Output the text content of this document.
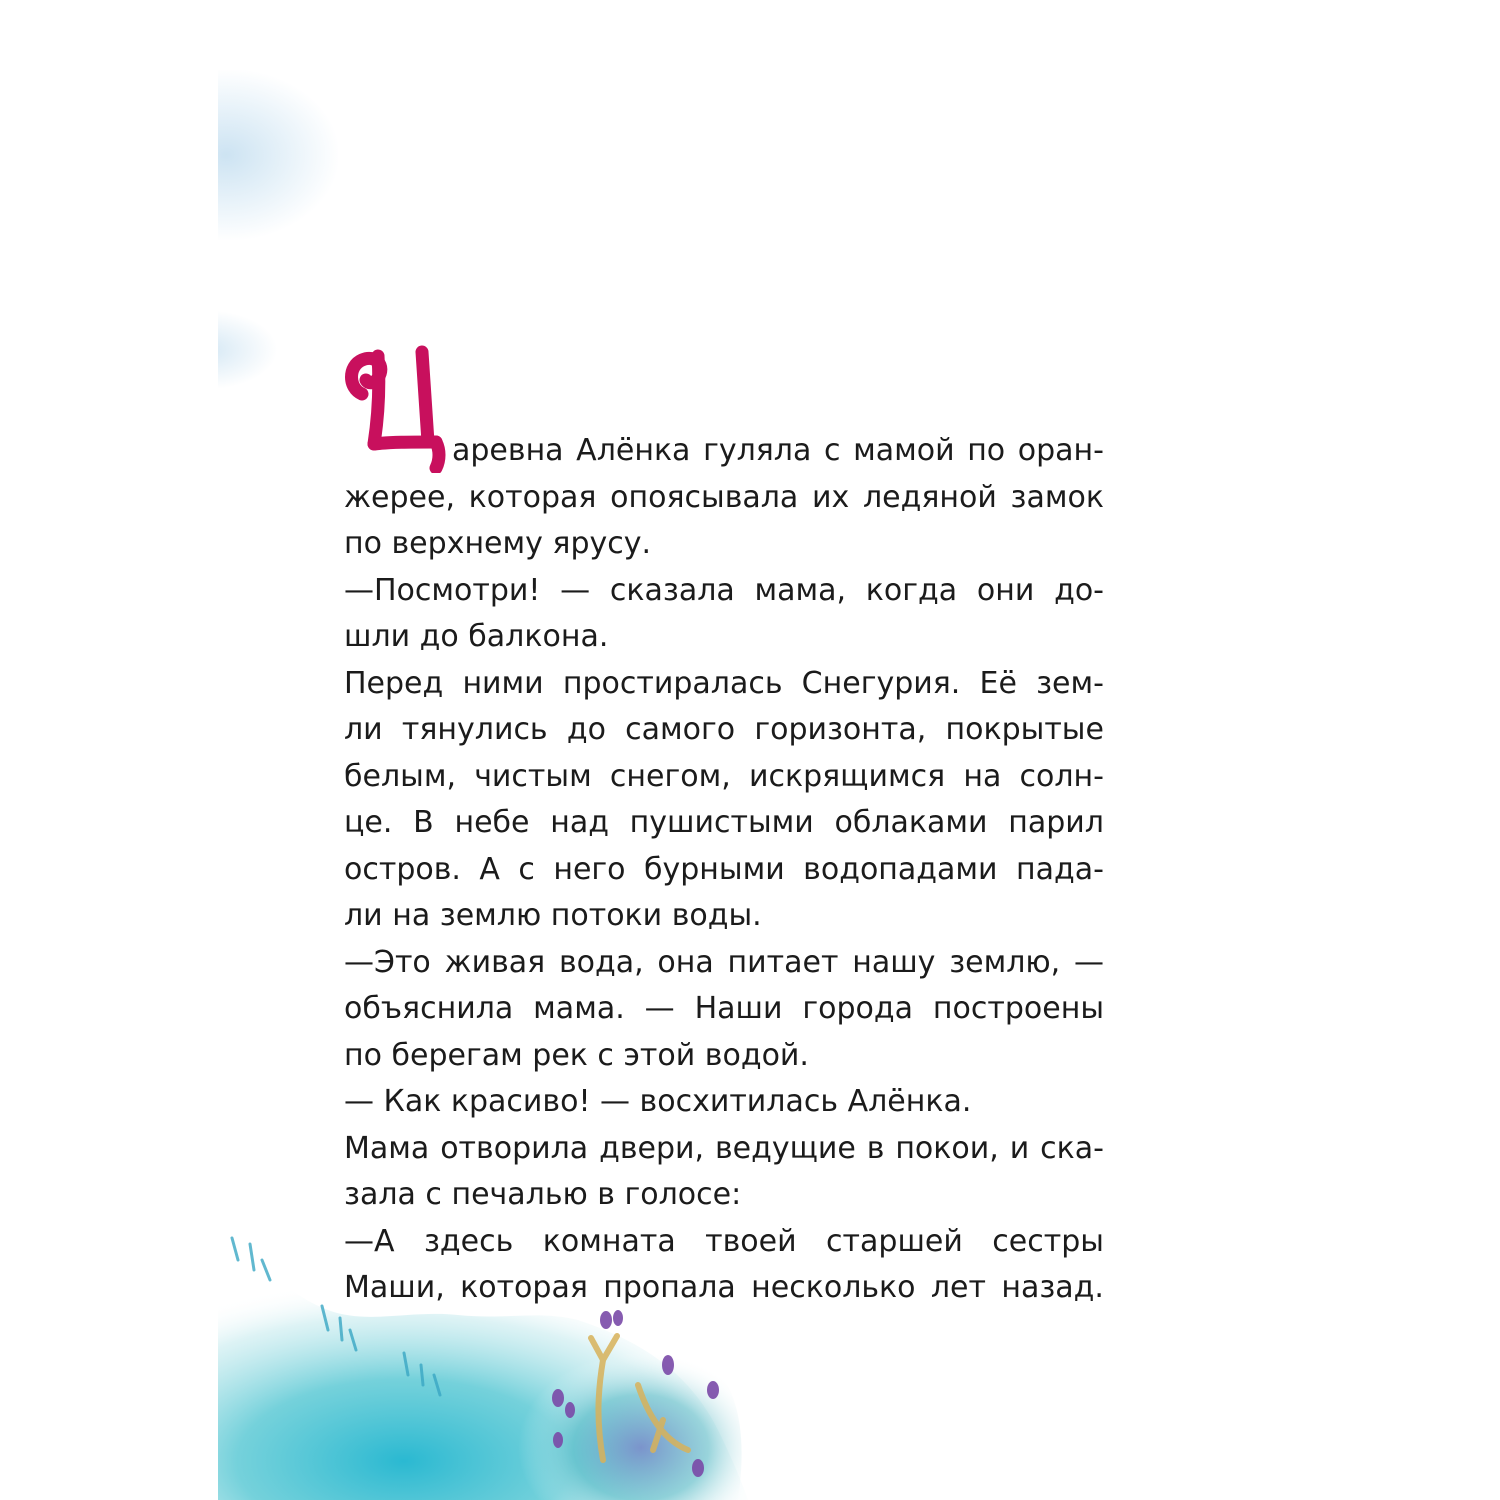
аревна Алёнка гуляла с мамой по оран-
жерее, которая опоясывала их ледяной замок
по верхнему ярусу.
—Посмотри! — сказала мама, когда они до-
шли до балкона.
Перед ними простиралась Снегурия. Её зем-
ли тянулись до самого горизонта, покрытые
белым, чистым снегом, искрящимся на солн-
це. В небе над пушистыми облаками парил
остров. А с него бурными водопадами пада-
ли на землю потоки воды.
—Это живая вода, она питает нашу землю, —
объяснила мама. — Наши города построены
по берегам рек с этой водой.
— Как красиво! — восхитилась Алёнка.
Мама отворила двери, ведущие в покои, и ска-
зала с печалью в голосе:
—А здесь комната твоей старшей сестры
Маши, которая пропала несколько лет назад.
